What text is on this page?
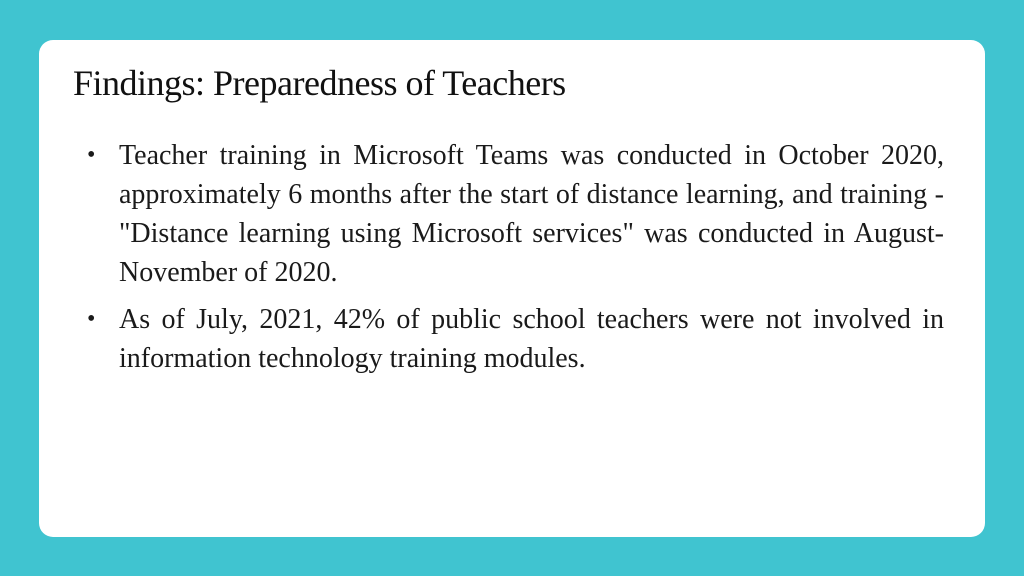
Findings: Preparedness of Teachers
• Teacher training in Microsoft Teams was conducted in October 2020, approximately 6 months after the start of distance learning, and training - "Distance learning using Microsoft services" was conducted in August-November of 2020.
• As of July, 2021, 42% of public school teachers were not involved in information technology training modules.
